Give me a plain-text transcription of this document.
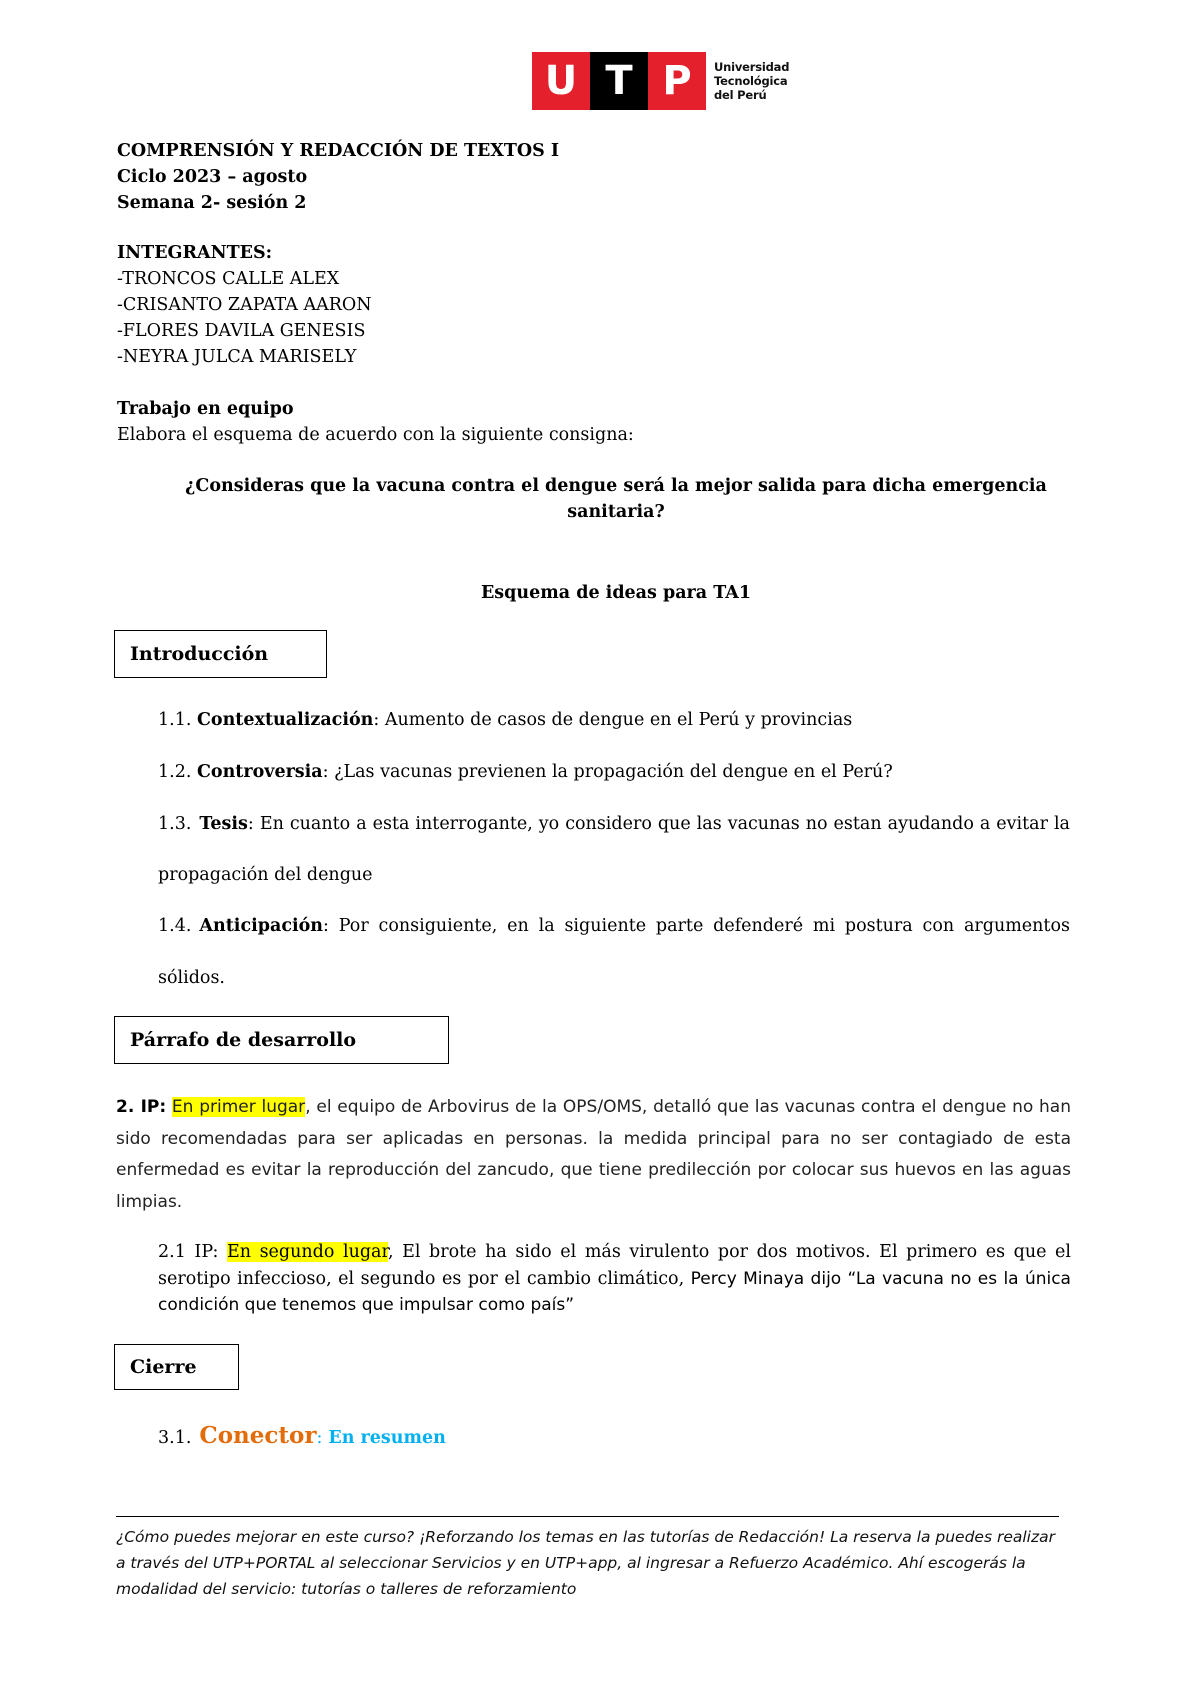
U T P	Universidad
Tecnológica
del Perú
COMPRENSIÓN Y REDACCIÓN DE TEXTOS I
Ciclo 2023 – agosto
Semana 2- sesión 2
INTEGRANTES:
-TRONCOS CALLE ALEX
-CRISANTO ZAPATA AARON
-FLORES DAVILA GENESIS
-NEYRA JULCA MARISELY
Trabajo en equipo
Elabora el esquema de acuerdo con la siguiente consigna:
¿Consideras que la vacuna contra el dengue será la mejor salida para dicha emergencia
sanitaria?
Esquema de ideas para TA1
Introducción
1.1. Contextualización: Aumento de casos de dengue en el Perú y provincias
1.2. Controversia: ¿Las vacunas previenen la propagación del dengue en el Perú?
1.3. Tesis: En cuanto a esta interrogante, yo considero que las vacunas no estan ayudando a evitar la
propagación del dengue
1.4. Anticipación: Por consiguiente, en la siguiente parte defenderé mi postura con argumentos
sólidos.
Párrafo de desarrollo
2. IP: En primer lugar, el equipo de Arbovirus de la OPS/OMS, detalló que las vacunas contra el dengue no han sido recomendadas para ser aplicadas en personas. la medida principal para no ser contagiado de esta enfermedad es evitar la reproducción del zancudo, que tiene predilección por colocar sus huevos en las aguas limpias.
2.1 IP: En segundo lugar, El brote ha sido el más virulento por dos motivos. El primero es que el serotipo infeccioso, el segundo es por el cambio climático, Percy Minaya dijo “La vacuna no es la única condición que tenemos que impulsar como país”
Cierre
3.1. Conector : En resumen
¿Cómo puedes mejorar en este curso? ¡Reforzando los temas en las tutorías de Redacción! La reserva la puedes realizar a través del UTP+PORTAL al seleccionar Servicios y en UTP+app, al ingresar a Refuerzo Académico. Ahí escogerás la modalidad del servicio: tutorías o talleres de reforzamiento
